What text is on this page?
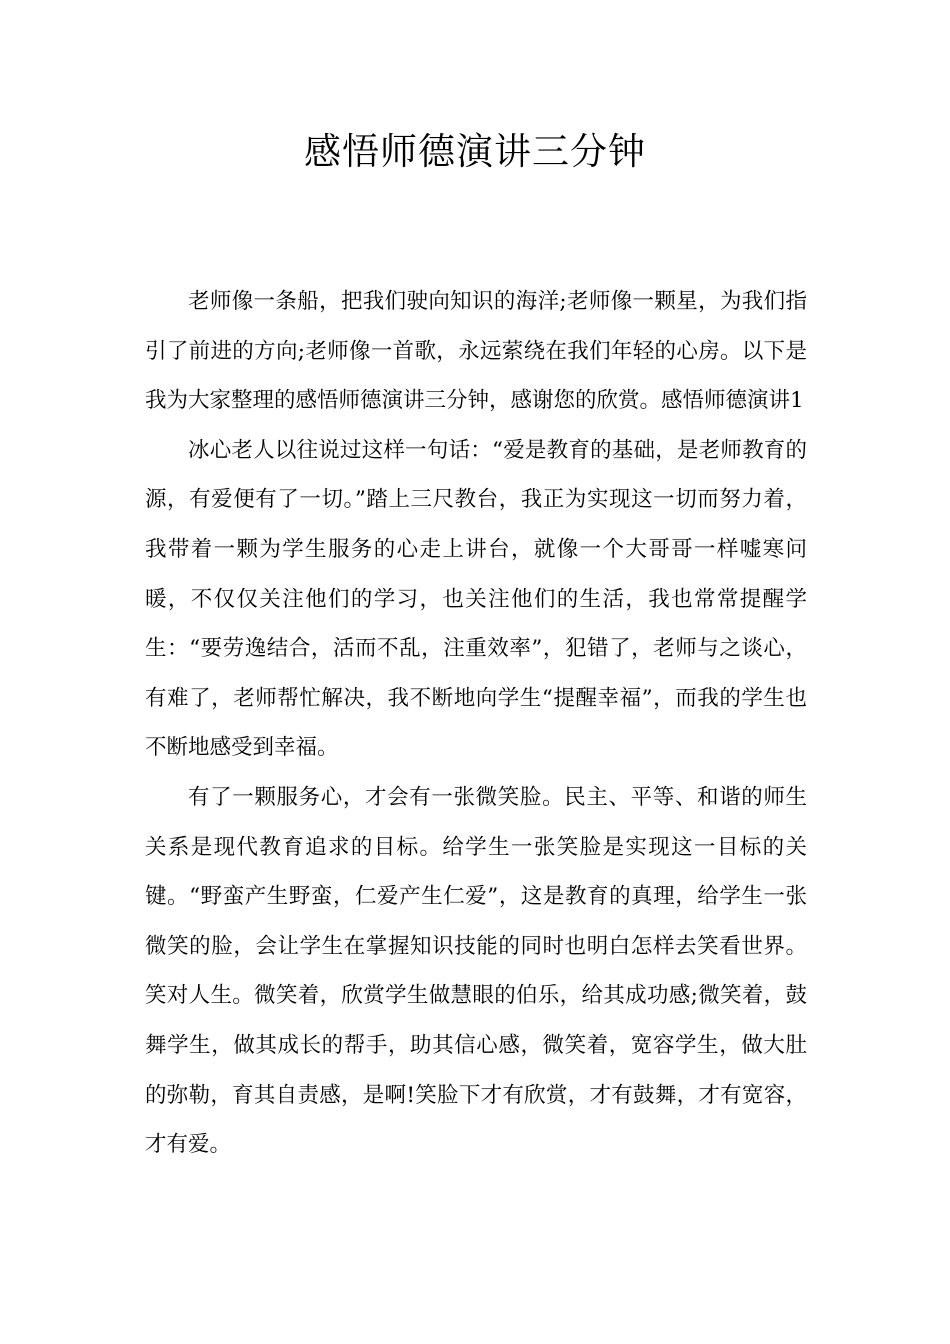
感悟师德演讲三分钟

老师像一条船，把我们驶向知识的海洋;老师像一颗星，为我们指引了前进的方向;老师像一首歌，永远萦绕在我们年轻的心房。以下是我为大家整理的感悟师德演讲三分钟，感谢您的欣赏。感悟师德演讲1

冰心老人以往说过这样一句话：“爱是教育的基础，是老师教育的源，有爱便有了一切。”踏上三尺教台，我正为实现这一切而努力着，我带着一颗为学生服务的心走上讲台，就像一个大哥哥一样嘘寒问暖，不仅仅关注他们的学习，也关注他们的生活，我也常常提醒学生：“要劳逸结合，活而不乱，注重效率”，犯错了，老师与之谈心，有难了，老师帮忙解决，我不断地向学生“提醒幸福”，而我的学生也不断地感受到幸福。

有了一颗服务心，才会有一张微笑脸。民主、平等、和谐的师生关系是现代教育追求的目标。给学生一张笑脸是实现这一目标的关键。“野蛮产生野蛮，仁爱产生仁爱”，这是教育的真理，给学生一张微笑的脸，会让学生在掌握知识技能的同时也明白怎样去笑看世界。笑对人生。微笑着，欣赏学生做慧眼的伯乐，给其成功感;微笑着，鼓舞学生，做其成长的帮手，助其信心感，微笑着，宽容学生，做大肚的弥勒，育其自责感，是啊!笑脸下才有欣赏，才有鼓舞，才有宽容，才有爱。
